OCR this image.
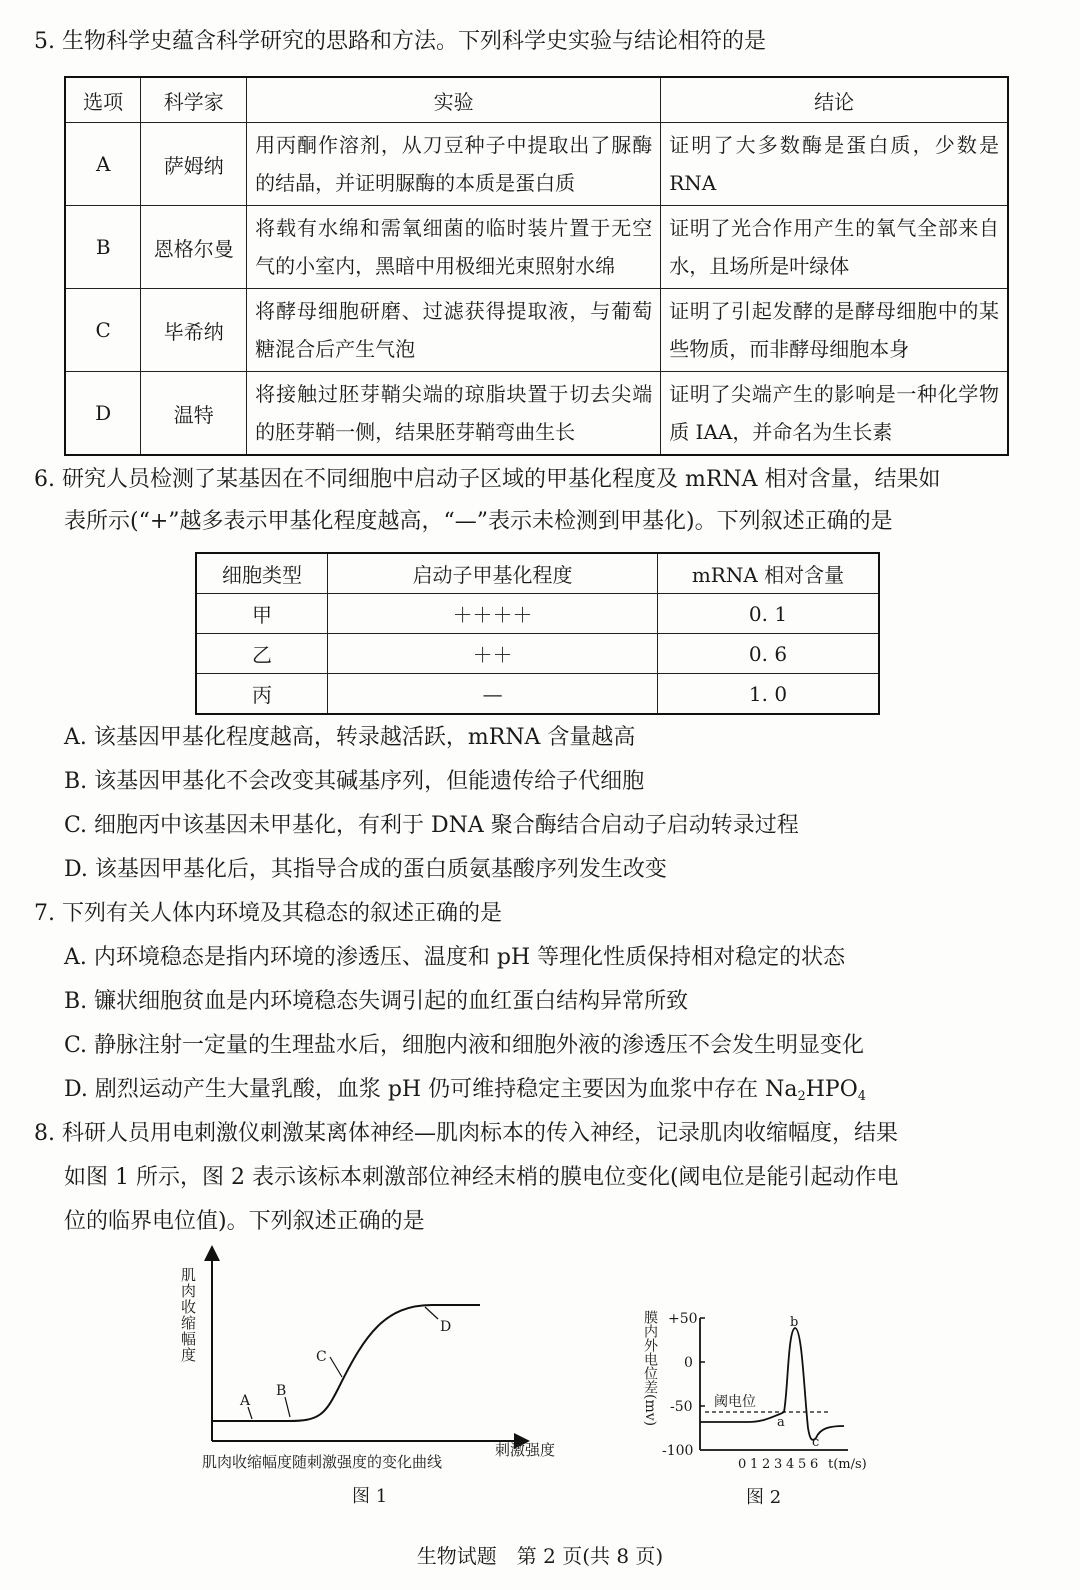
5. 生物科学史蕴含科学研究的思路和方法。下列科学史实验与结论相符的是
选项	科学家	实验	结论
A	萨姆纳	用丙酮作溶剂，从刀豆种子中提取出了脲酶的结晶，并证明脲酶的本质是蛋白质	证明了大多数酶是蛋白质，少数是 RNA
B	恩格尔曼	将载有水绵和需氧细菌的临时装片置于无空气的小室内，黑暗中用极细光束照射水绵	证明了光合作用产生的氧气全部来自水，且场所是叶绿体
C	毕希纳	将酵母细胞研磨、过滤获得提取液，与葡萄糖混合后产生气泡	证明了引起发酵的是酵母细胞中的某些物质，而非酵母细胞本身
D	温特	将接触过胚芽鞘尖端的琼脂块置于切去尖端的胚芽鞘一侧，结果胚芽鞘弯曲生长	证明了尖端产生的影响是一种化学物质 IAA，并命名为生长素
6. 研究人员检测了某基因在不同细胞中启动子区域的甲基化程度及 mRNA 相对含量，结果如
表所示(“+”越多表示甲基化程度越高，“—”表示未检测到甲基化)。下列叙述正确的是
细胞类型	启动子甲基化程度	mRNA 相对含量
甲	＋＋＋＋	0. 1
乙	＋＋	0. 6
丙	—	1. 0
A. 该基因甲基化程度越高，转录越活跃，mRNA 含量越高
B. 该基因甲基化不会改变其碱基序列，但能遗传给子代细胞
C. 细胞丙中该基因未甲基化，有利于 DNA 聚合酶结合启动子启动转录过程
D. 该基因甲基化后，其指导合成的蛋白质氨基酸序列发生改变
7. 下列有关人体内环境及其稳态的叙述正确的是
A. 内环境稳态是指内环境的渗透压、温度和 pH 等理化性质保持相对稳定的状态
B. 镰状细胞贫血是内环境稳态失调引起的血红蛋白结构异常所致
C. 静脉注射一定量的生理盐水后，细胞内液和细胞外液的渗透压不会发生明显变化
D. 剧烈运动产生大量乳酸，血浆 pH 仍可维持稳定主要因为血浆中存在 $Na_2HPO_4$
8. 科研人员用电刺激仪刺激某离体神经—肌肉标本的传入神经，记录肌肉收缩幅度，结果
如图 1 所示，图 2 表示该标本刺激部位神经末梢的膜电位变化(阈电位是能引起动作电
位的临界电位值)。下列叙述正确的是
肌肉收缩幅度
A
B
C
D
刺激强度
肌肉收缩幅度随刺激强度的变化曲线
图 1
膜内外电位差(mv) +50
0
-50
-100
阈电位
a
b
c
0 1 2 3 4 5 6 t(m/s)
图 2
生物试题　第 2 页(共 8 页)
